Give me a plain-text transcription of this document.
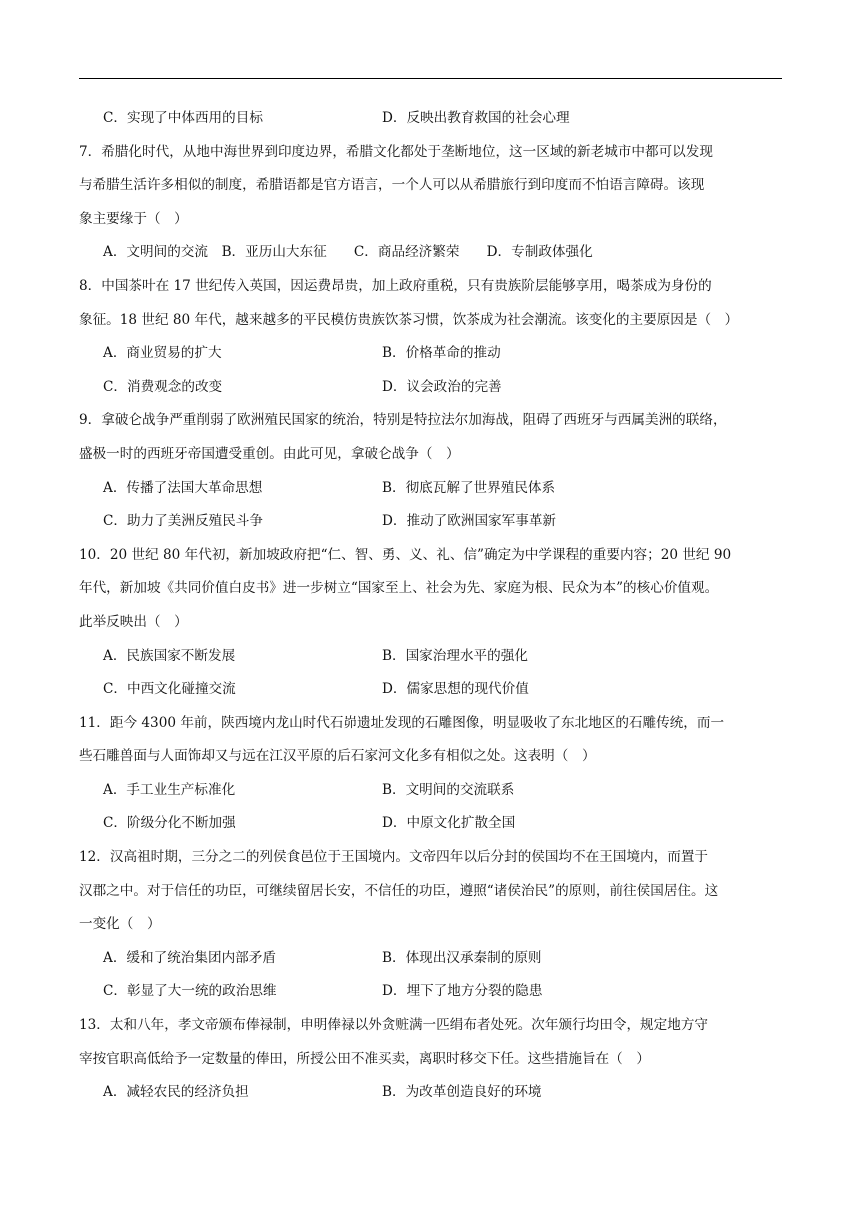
C．实现了中体西用的目标	D．反映出教育救国的社会心理
7．希腊化时代，从地中海世界到印度边界，希腊文化都处于垄断地位，这一区域的新老城市中都可以发现
与希腊生活许多相似的制度，希腊语都是官方语言，一个人可以从希腊旅行到印度而不怕语言障碍。该现
象主要缘于（　）
A．文明间的交流　B．亚历山大东征　　C．商品经济繁荣　　D．专制政体强化
8．中国茶叶在 17 世纪传入英国，因运费昂贵，加上政府重税，只有贵族阶层能够享用，喝茶成为身份的
象征。18 世纪 80 年代，越来越多的平民模仿贵族饮茶习惯，饮茶成为社会潮流。该变化的主要原因是（　）
A．商业贸易的扩大	B．价格革命的推动
C．消费观念的改变	D．议会政治的完善
9．拿破仑战争严重削弱了欧洲殖民国家的统治，特别是特拉法尔加海战，阻碍了西班牙与西属美洲的联络，
盛极一时的西班牙帝国遭受重创。由此可见，拿破仑战争（　）
A．传播了法国大革命思想	B．彻底瓦解了世界殖民体系
C．助力了美洲反殖民斗争	D．推动了欧洲国家军事革新
10．20 世纪 80 年代初，新加坡政府把“仁、智、勇、义、礼、信”确定为中学课程的重要内容；20 世纪 90
年代，新加坡《共同价值白皮书》进一步树立“国家至上、社会为先、家庭为根、民众为本”的核心价值观。
此举反映出（　）
A．民族国家不断发展	B．国家治理水平的强化
C．中西文化碰撞交流	D．儒家思想的现代价值
11．距今 4300 年前，陕西境内龙山时代石峁遗址发现的石雕图像，明显吸收了东北地区的石雕传统，而一
些石雕兽面与人面饰却又与远在江汉平原的后石家河文化多有相似之处。这表明（　）
A．手工业生产标准化	B．文明间的交流联系
C．阶级分化不断加强	D．中原文化扩散全国
12．汉高祖时期，三分之二的列侯食邑位于王国境内。文帝四年以后分封的侯国均不在王国境内，而置于
汉郡之中。对于信任的功臣，可继续留居长安，不信任的功臣，遵照“诸侯治民”的原则，前往侯国居住。这
一变化（　）
A．缓和了统治集团内部矛盾	B．体现出汉承秦制的原则
C．彰显了大一统的政治思维	D．埋下了地方分裂的隐患
13．太和八年，孝文帝颁布俸禄制，申明俸禄以外贪赃满一匹绢布者处死。次年颁行均田令，规定地方守
宰按官职高低给予一定数量的俸田，所授公田不准买卖，离职时移交下任。这些措施旨在（　）
A．减轻农民的经济负担	B．为改革创造良好的环境
